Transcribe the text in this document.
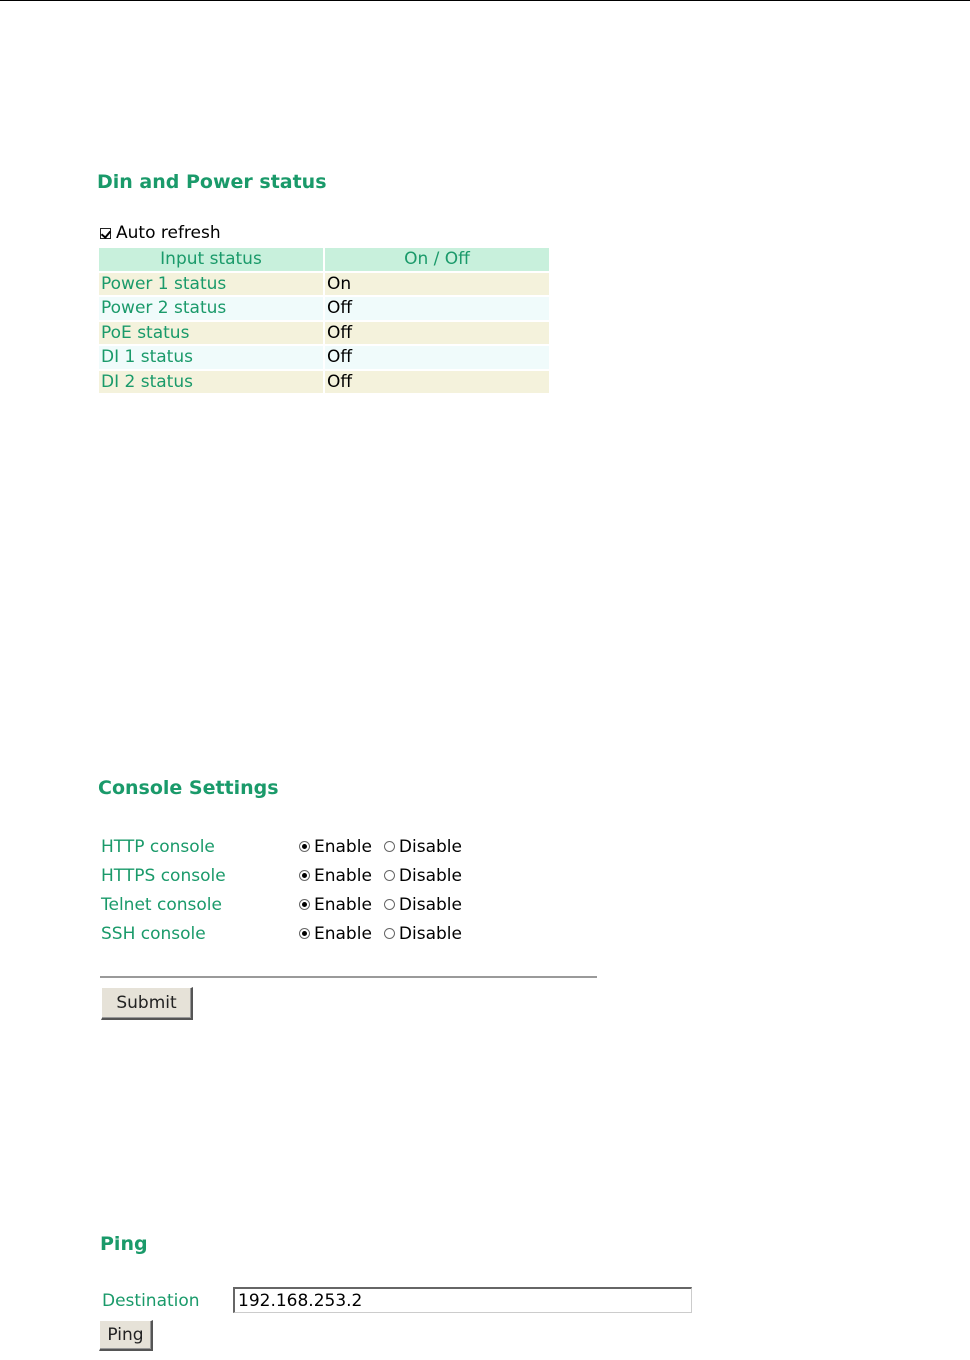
Din and Power status
Auto refresh
Input status	On / Off
Power 1 status	On
Power 2 status	Off
PoE status	Off
DI 1 status	Off
DI 2 status	Off
Console Settings
HTTP console	Enable Disable
HTTPS console	Enable Disable
Telnet console	Enable Disable
SSH console	Enable Disable
Submit
Ping
Destination
192.168.253.2
Ping
